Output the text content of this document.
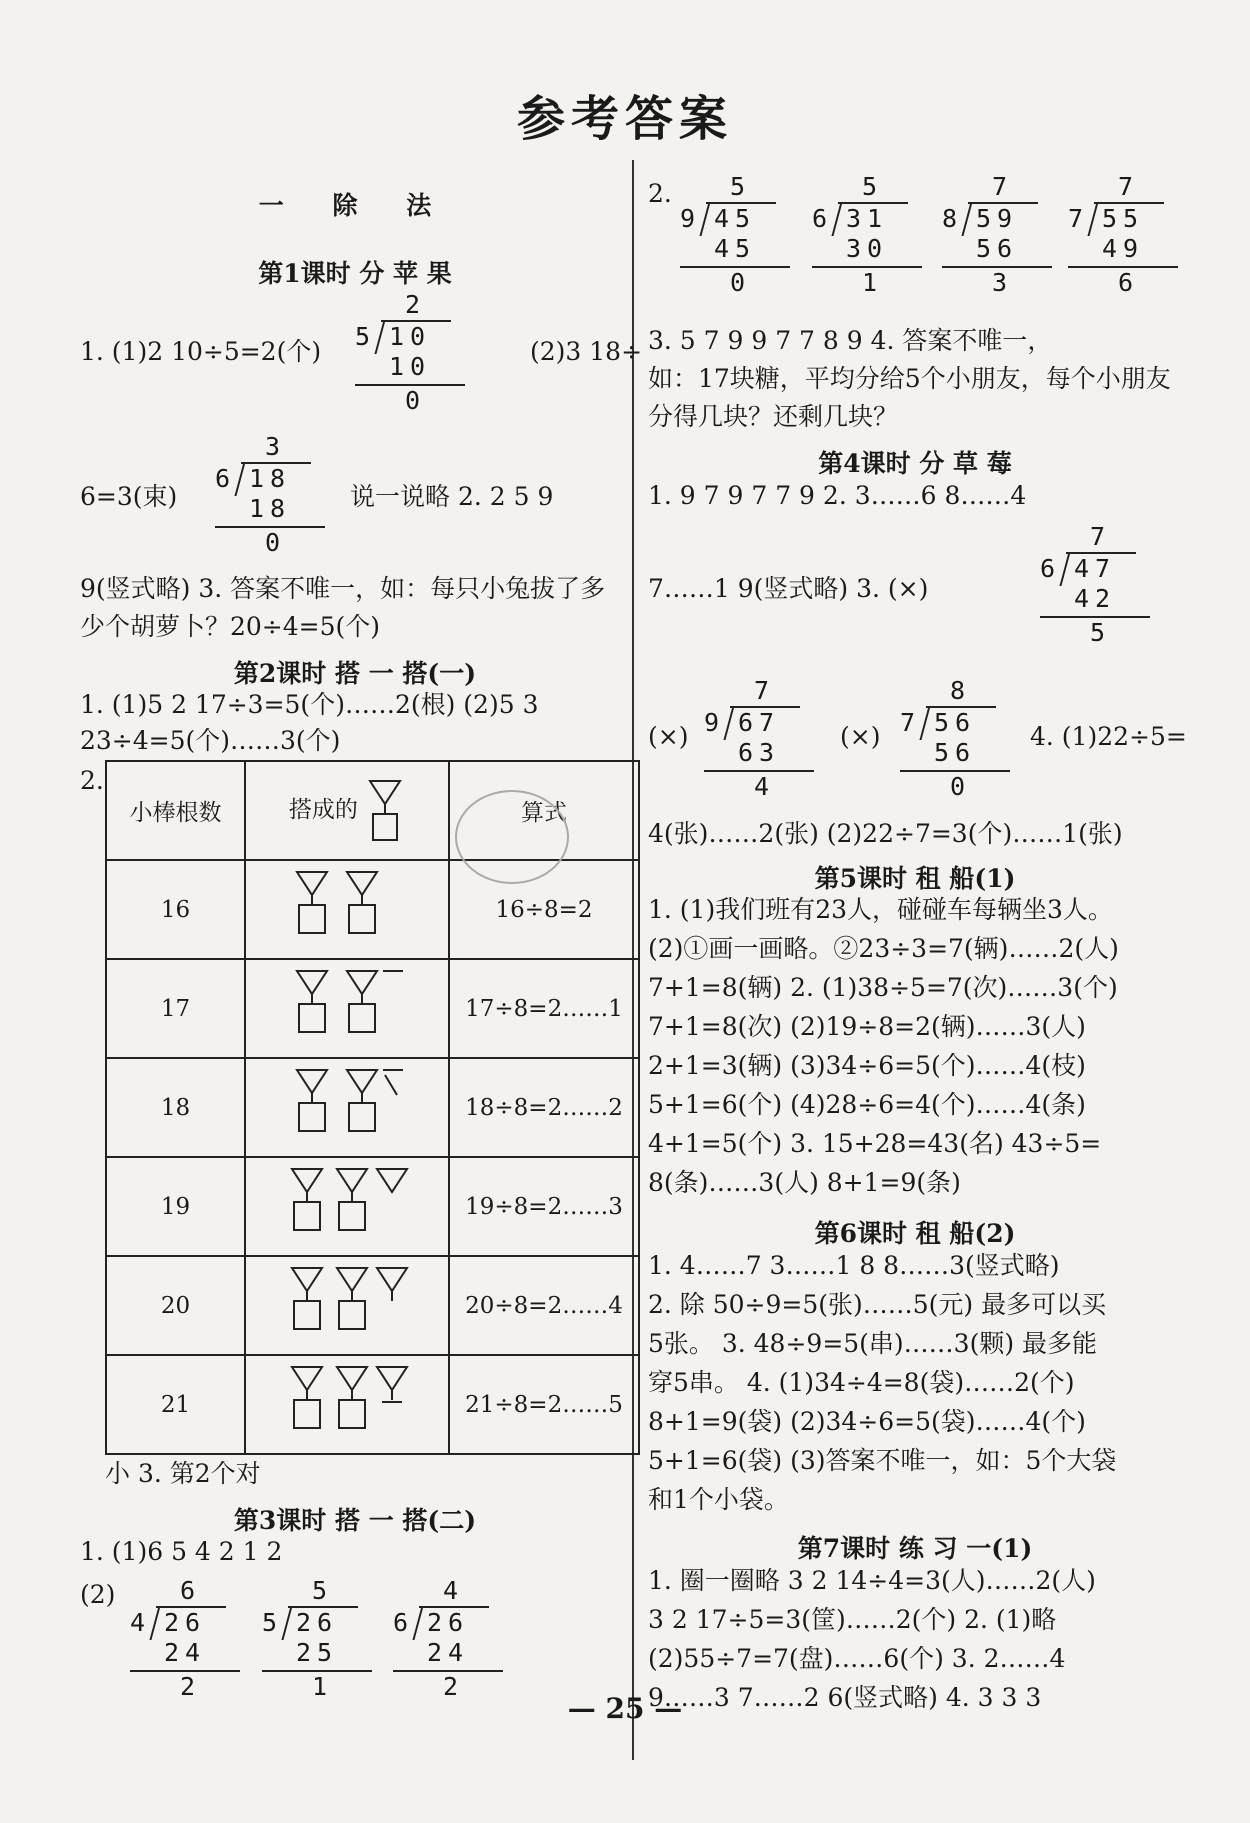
参考答案
一 除 法
第1课时 分 苹 果
1. (1)2 10÷5=2(个)
2
5 10
10
0
(2)3 18÷
6=3(束)
3
6 18
18
0
说一说略 2. 2 5 9
9(竖式略) 3. 答案不唯一，如：每只小兔拔了多
少个胡萝卜？20÷4=5(个)
第2课时 搭 一 搭(一)
1. (1)5 2 17÷3=5(个)……2(根) (2)5 3
23÷4=5(个)……3(个)
2.
小棒根数	搭成的	算式
16		16÷8=2
17		17÷8=2……1
18		18÷8=2……2
19		19÷8=2……3
20		20÷8=2……4
21		21÷8=2……5
小 3. 第2个对
第3课时 搭 一 搭(二)
1. (1)6 5 4 2 1 2
(2)	6
4 26
24
2
5
5 26
25
1
4
6 26
24
2
2. 5
9 45
45
0
5
6 31
30
1
7
8 59
56
3
7
7 55
49
6
3. 5 7 9 9 7 7 8 9 4. 答案不唯一，
如：17块糖，平均分给5个小朋友，每个小朋友
分得几块？还剩几块？
第4课时 分 草 莓
1. 9 7 9 7 7 9 2. 3……6 8……4
7……1 9(竖式略) 3. (×)
7
6 47
42
5
(×)
7
9 67
63
4
(×)
8
7 56
56
0
4. (1)22÷5=
4(张)……2(张) (2)22÷7=3(个)……1(张)
第5课时 租 船(1)
1. (1)我们班有23人，碰碰车每辆坐3人。
(2)①画一画略。②23÷3=7(辆)……2(人)
7+1=8(辆) 2. (1)38÷5=7(次)……3(个)
7+1=8(次) (2)19÷8=2(辆)……3(人)
2+1=3(辆) (3)34÷6=5(个)……4(枝)
5+1=6(个) (4)28÷6=4(个)……4(条)
4+1=5(个) 3. 15+28=43(名) 43÷5=
8(条)……3(人) 8+1=9(条)
第6课时 租 船(2)
1. 4……7 3……1 8 8……3(竖式略)
2. 除 50÷9=5(张)……5(元) 最多可以买
5张。 3. 48÷9=5(串)……3(颗) 最多能
穿5串。 4. (1)34÷4=8(袋)……2(个)
8+1=9(袋) (2)34÷6=5(袋)……4(个)
5+1=6(袋) (3)答案不唯一，如：5个大袋
和1个小袋。
第7课时 练 习 一(1)
1. 圈一圈略 3 2 14÷4=3(人)……2(人)
3 2 17÷5=3(筐)……2(个) 2. (1)略
(2)55÷7=7(盘)……6(个) 3. 2……4
9……3 7……2 6(竖式略) 4. 3 3 3
— 25 —
